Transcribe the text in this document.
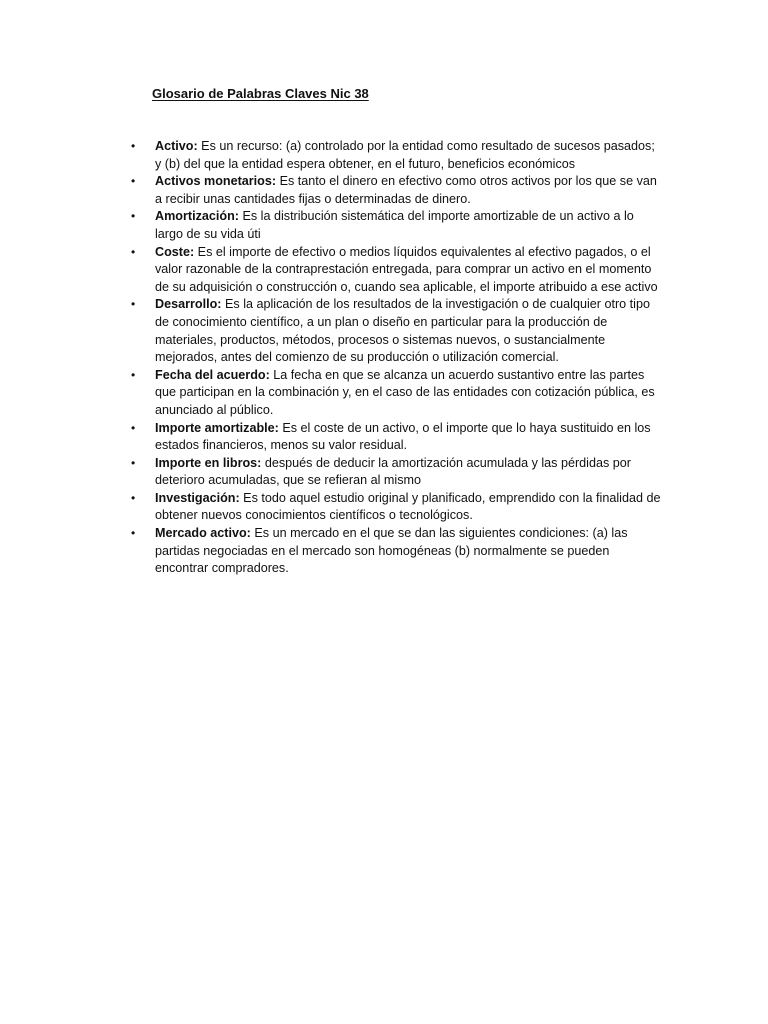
Glosario de Palabras Claves Nic 38
• Activo: Es un recurso: (a) controlado por la entidad como resultado de sucesos pasados; y (b) del que la entidad espera obtener, en el futuro, beneficios económicos
• Activos monetarios: Es tanto el dinero en efectivo como otros activos por los que se van a recibir unas cantidades fijas o determinadas de dinero.
• Amortización: Es la distribución sistemática del importe amortizable de un activo a lo largo de su vida úti
• Coste: Es el importe de efectivo o medios líquidos equivalentes al efectivo pagados, o el valor razonable de la contraprestación entregada, para comprar un activo en el momento de su adquisición o construcción o, cuando sea aplicable, el importe atribuido a ese activo
• Desarrollo: Es la aplicación de los resultados de la investigación o de cualquier otro tipo de conocimiento científico, a un plan o diseño en particular para la producción de materiales, productos, métodos, procesos o sistemas nuevos, o sustancialmente mejorados, antes del comienzo de su producción o utilización comercial.
• Fecha del acuerdo: La fecha en que se alcanza un acuerdo sustantivo entre las partes que participan en la combinación y, en el caso de las entidades con cotización pública, es anunciado al público.
• Importe amortizable: Es el coste de un activo, o el importe que lo haya sustituido en los estados financieros, menos su valor residual.
• Importe en libros: después de deducir la amortización acumulada y las pérdidas por deterioro acumuladas, que se refieran al mismo
• Investigación: Es todo aquel estudio original y planificado, emprendido con la finalidad de obtener nuevos conocimientos científicos o tecnológicos.
• Mercado activo: Es un mercado en el que se dan las siguientes condiciones: (a) las partidas negociadas en el mercado son homogéneas (b) normalmente se pueden encontrar compradores.
